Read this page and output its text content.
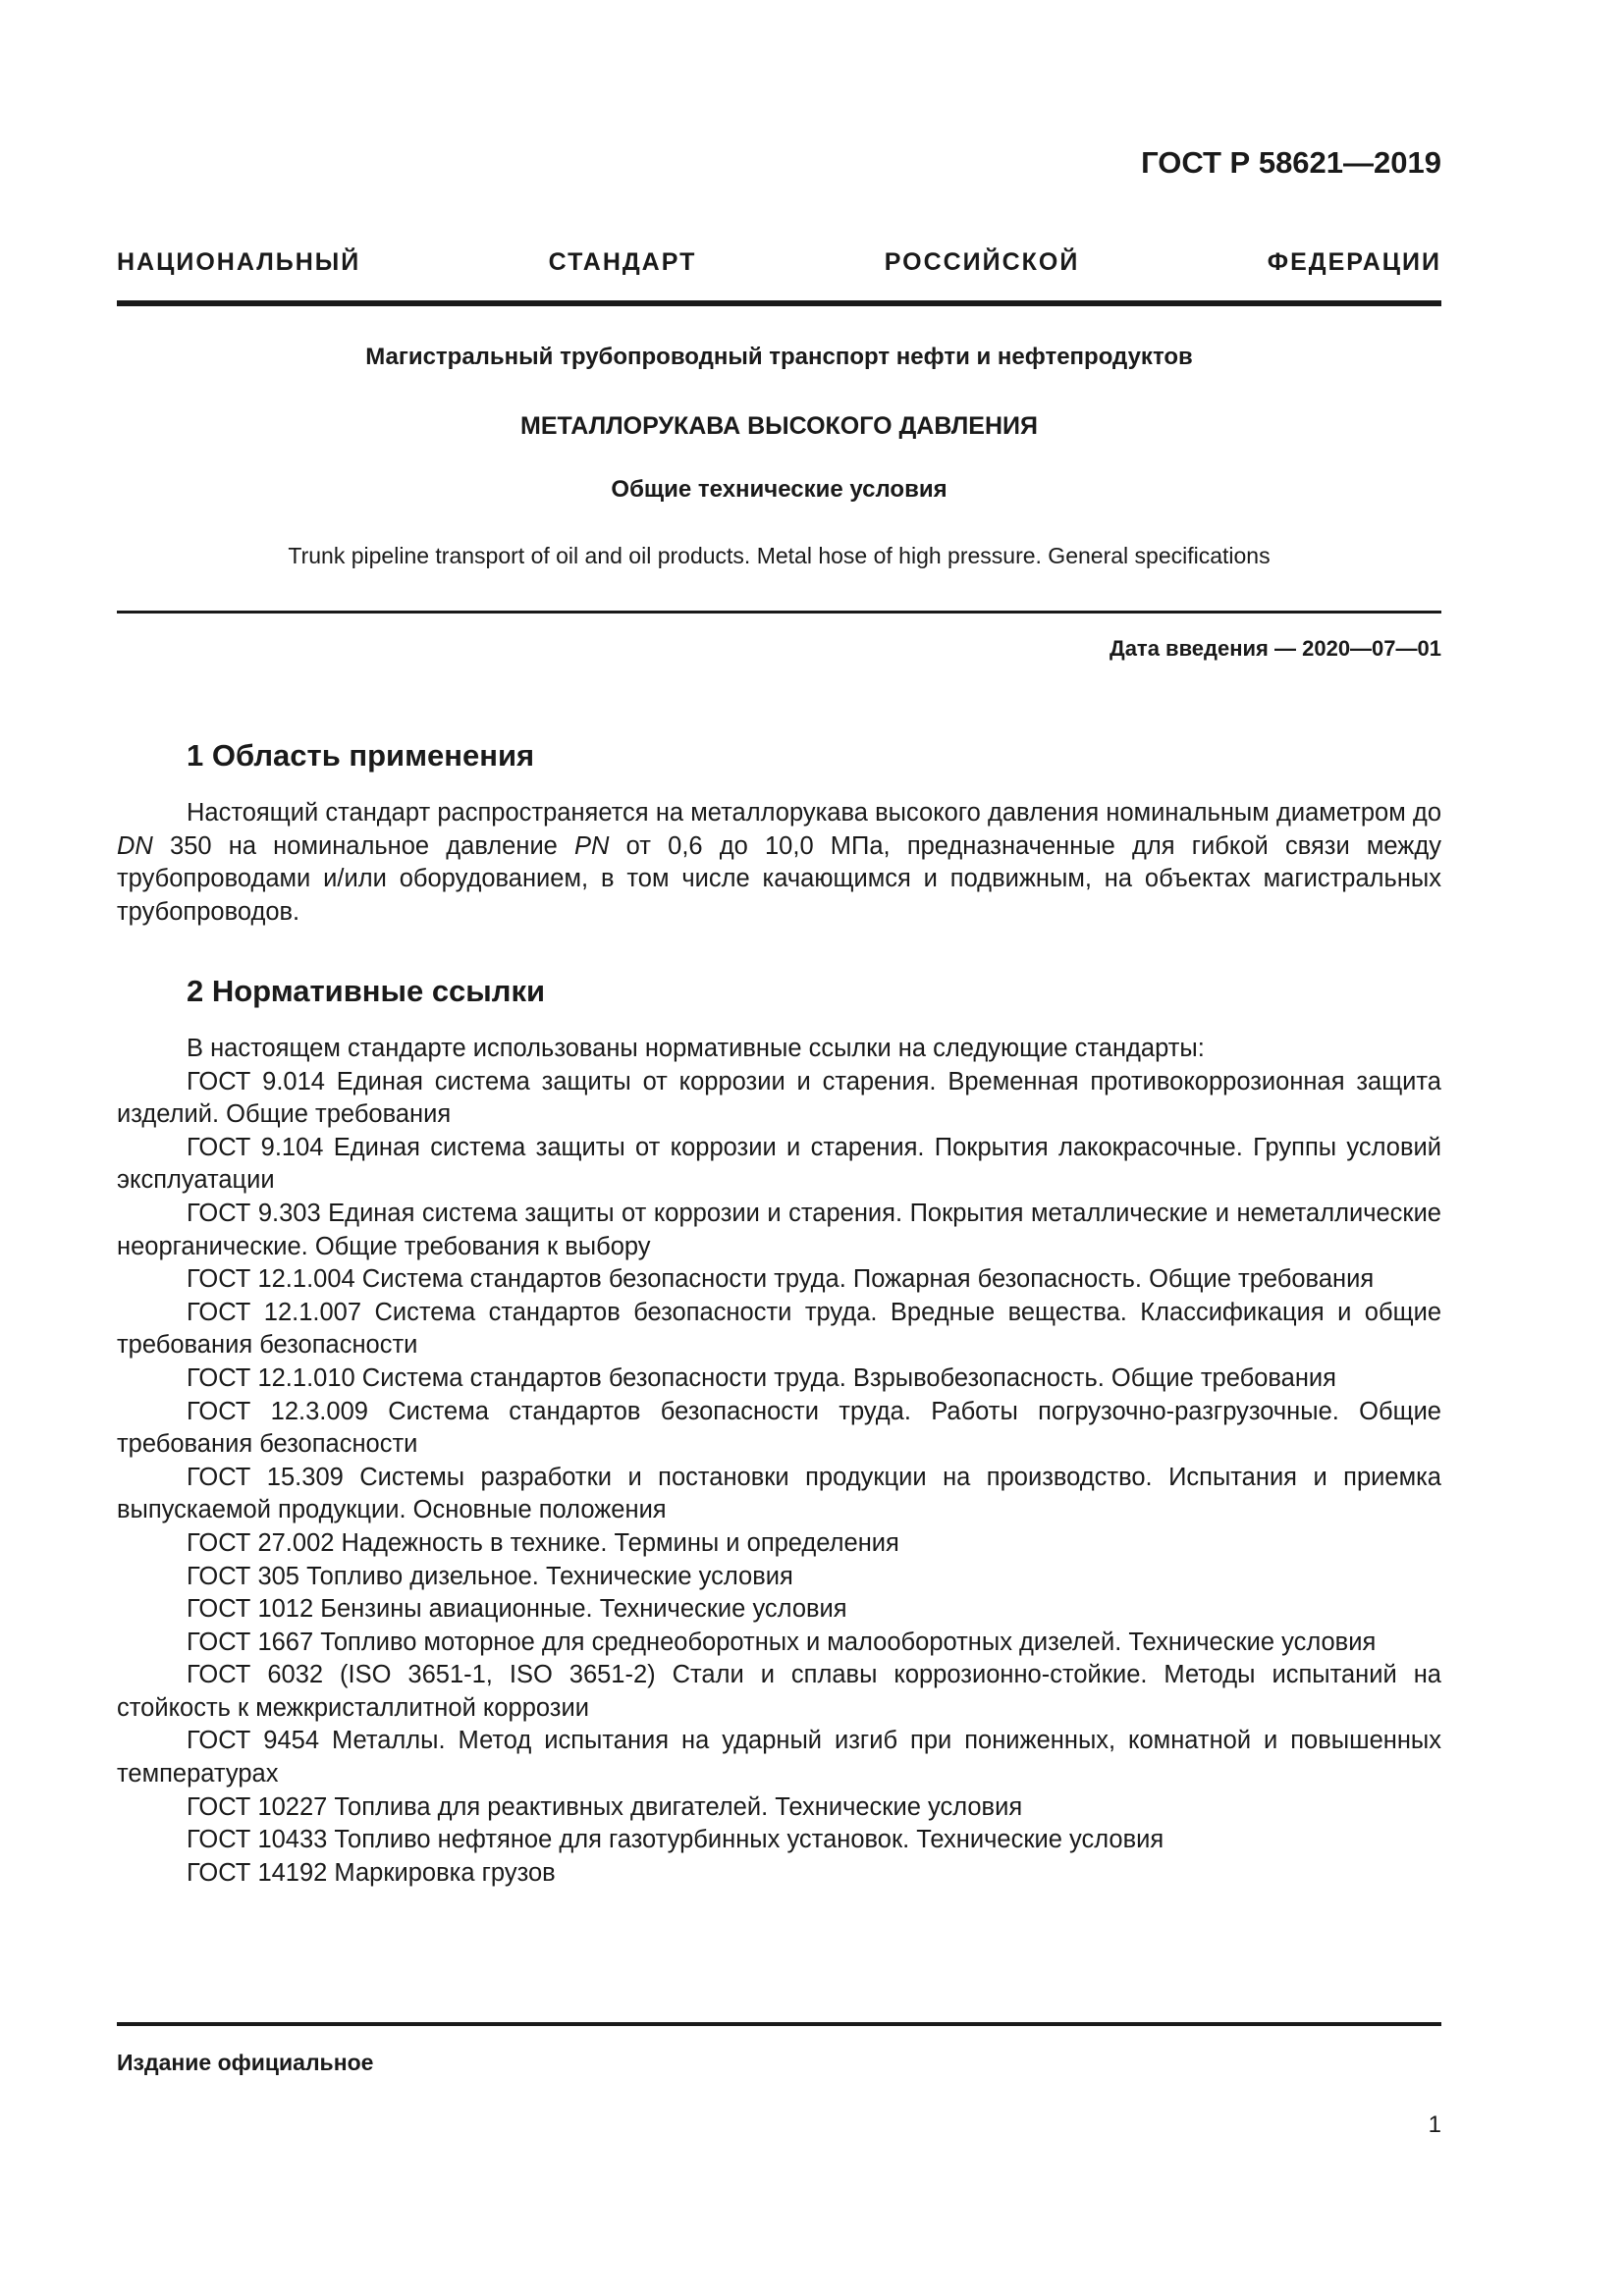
ГОСТ Р 58621—2019
НАЦИОНАЛЬНЫЙ СТАНДАРТ РОССИЙСКОЙ ФЕДЕРАЦИИ
Магистральный трубопроводный транспорт нефти и нефтепродуктов
МЕТАЛЛОРУКАВА ВЫСОКОГО ДАВЛЕНИЯ
Общие технические условия
Trunk pipeline transport of oil and oil products. Metal hose of high pressure. General specifications
Дата введения — 2020—07—01
1 Область применения

Настоящий стандарт распространяется на металлорукава высокого давления номинальным диаметром до DN 350 на номинальное давление PN от 0,6 до 10,0 МПа, предназначенные для гибкой связи между трубопроводами и/или оборудованием, в том числе качающимся и подвижным, на объектах магистральных трубопроводов.

2 Нормативные ссылки

В настоящем стандарте использованы нормативные ссылки на следующие стандарты:

ГОСТ 9.014 Единая система защиты от коррозии и старения. Временная противокоррозионная защита изделий. Общие требования

ГОСТ 9.104 Единая система защиты от коррозии и старения. Покрытия лакокрасочные. Группы условий эксплуатации

ГОСТ 9.303 Единая система защиты от коррозии и старения. Покрытия металлические и неметаллические неорганические. Общие требования к выбору

ГОСТ 12.1.004 Система стандартов безопасности труда. Пожарная безопасность. Общие требования

ГОСТ 12.1.007 Система стандартов безопасности труда. Вредные вещества. Классификация и общие требования безопасности

ГОСТ 12.1.010 Система стандартов безопасности труда. Взрывобезопасность. Общие требования

ГОСТ 12.3.009 Система стандартов безопасности труда. Работы погрузочно-разгрузочные. Общие требования безопасности

ГОСТ 15.309 Системы разработки и постановки продукции на производство. Испытания и приемка выпускаемой продукции. Основные положения

ГОСТ 27.002 Надежность в технике. Термины и определения

ГОСТ 305 Топливо дизельное. Технические условия

ГОСТ 1012 Бензины авиационные. Технические условия

ГОСТ 1667 Топливо моторное для среднеоборотных и малооборотных дизелей. Технические условия

ГОСТ 6032 (ISO 3651-1, ISO 3651-2) Стали и сплавы коррозионно-стойкие. Методы испытаний на стойкость к межкристаллитной коррозии

ГОСТ 9454 Металлы. Метод испытания на ударный изгиб при пониженных, комнатной и повышенных температурах

ГОСТ 10227 Топлива для реактивных двигателей. Технические условия

ГОСТ 10433 Топливо нефтяное для газотурбинных установок. Технические условия

ГОСТ 14192 Маркировка грузов

Издание официальное
1
